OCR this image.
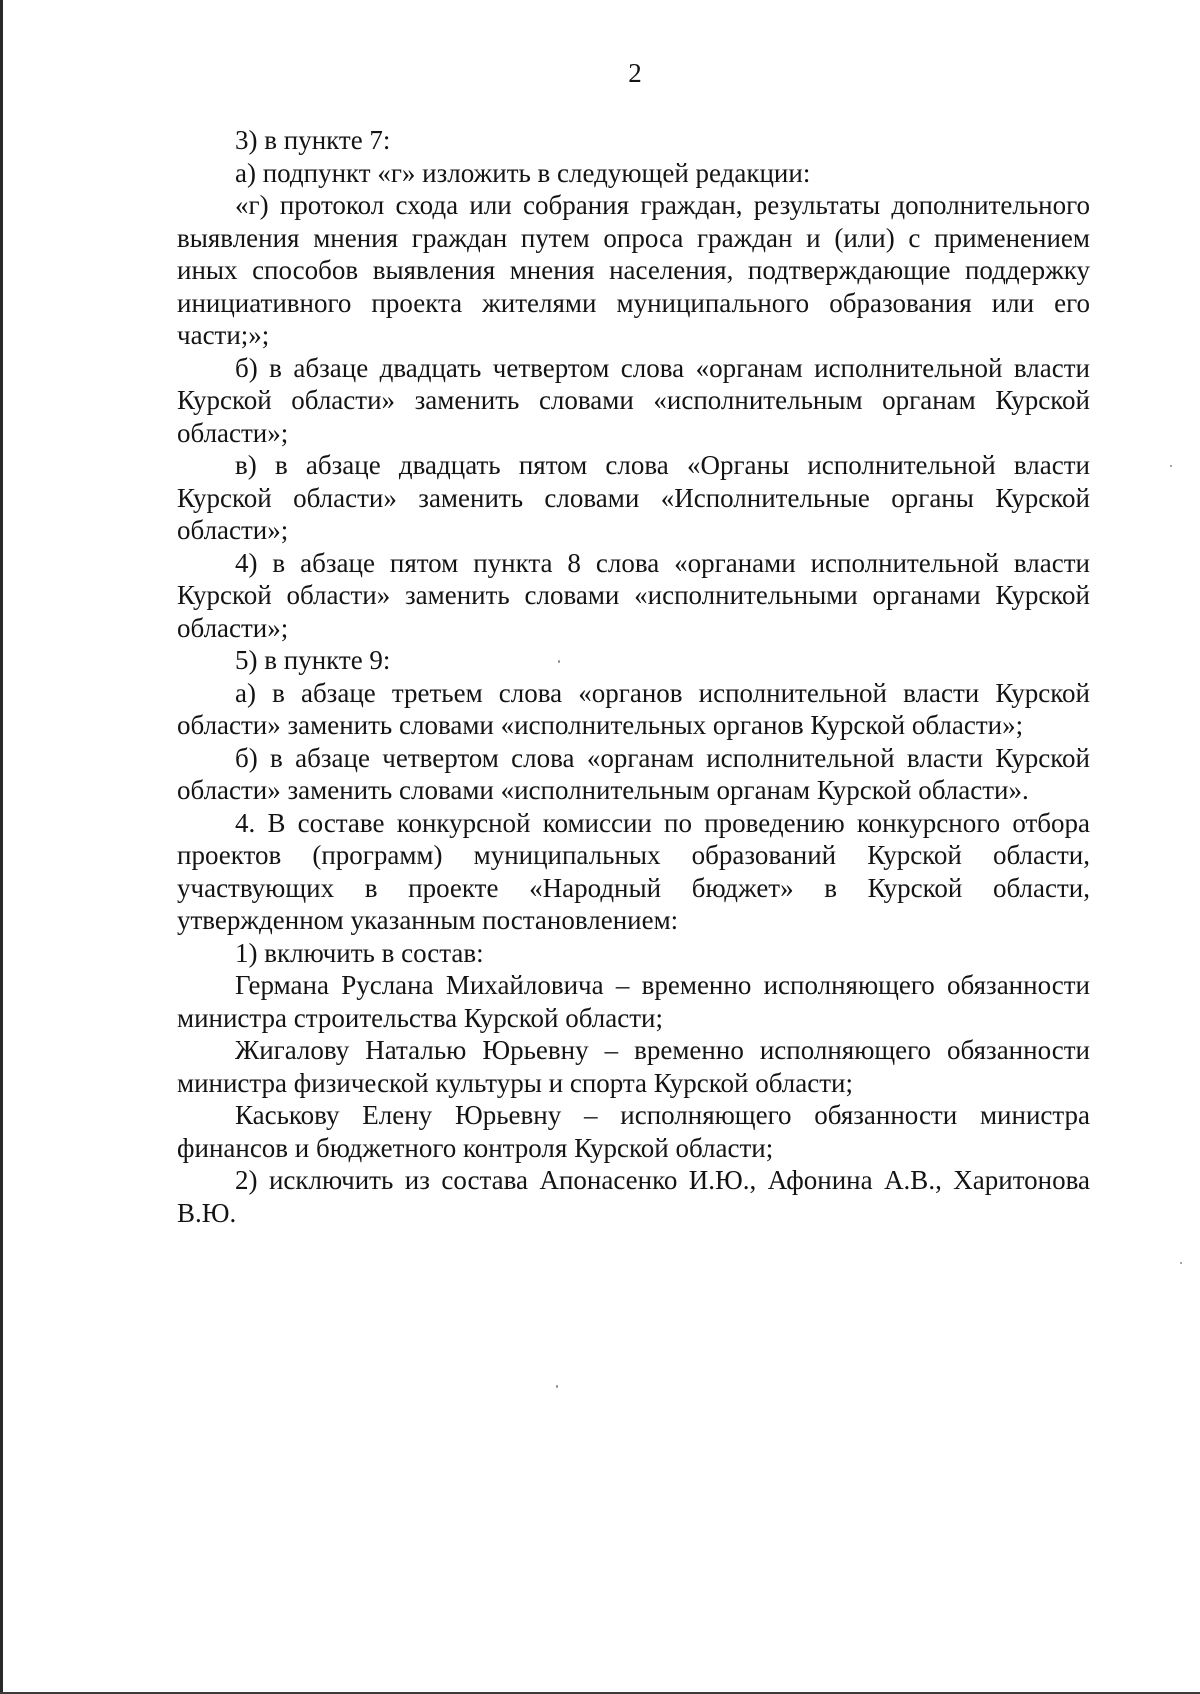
2

3) в пункте 7:

а) подпункт «г» изложить в следующей редакции:

«г) протокол схода или собрания граждан, результаты дополнительного выявления мнения граждан путем опроса граждан и (или) с применением иных способов выявления мнения населения, подтверждающие поддержку инициативного проекта жителями муниципального образования или его части;»;

б) в абзаце двадцать четвертом слова «органам исполнительной власти Курской области» заменить словами «исполнительным органам Курской области»;

в) в абзаце двадцать пятом слова «Органы исполнительной власти Курской области» заменить словами «Исполнительные органы Курской области»;

4) в абзаце пятом пункта 8 слова «органами исполнительной власти Курской области» заменить словами «исполнительными органами Курской области»;

5) в пункте 9:

а) в абзаце третьем слова «органов исполнительной власти Курской области» заменить словами «исполнительных органов Курской области»;

б) в абзаце четвертом слова «органам исполнительной власти Курской области» заменить словами «исполнительным органам Курской области».

4. В составе конкурсной комиссии по проведению конкурсного отбора проектов (программ) муниципальных образований Курской области, участвующих в проекте «Народный бюджет» в Курской области, утвержденном указанным постановлением:

1) включить в состав:

Германа Руслана Михайловича – временно исполняющего обязанности министра строительства Курской области;

Жигалову Наталью Юрьевну – временно исполняющего обязанности министра физической культуры и спорта Курской области;

Каськову Елену Юрьевну – исполняющего обязанности министра финансов и бюджетного контроля Курской области;

2) исключить из состава Апонасенко И.Ю., Афонина А.В., Харитонова В.Ю.
